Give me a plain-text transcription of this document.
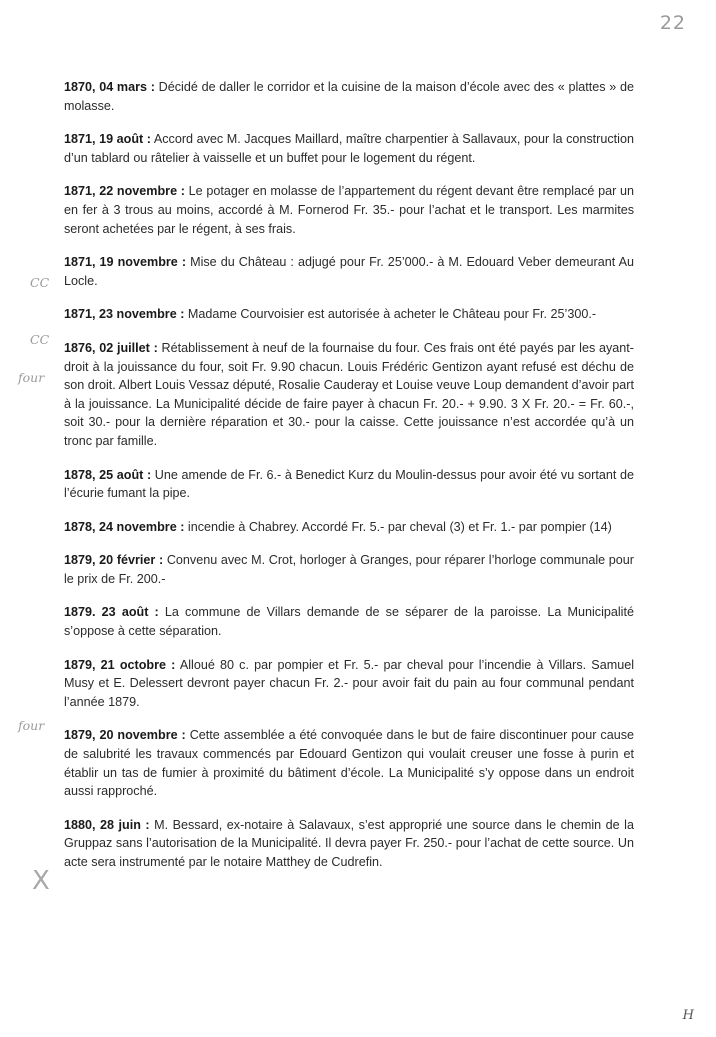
22
CC
CC
four
four
X

1870, 04 mars : Décidé de daller le corridor et la cuisine de la maison d’école avec des « plattes » de molasse.

1871, 19 août : Accord avec M. Jacques Maillard, maître charpentier à Sallavaux, pour la construction d’un tablard ou râtelier à vaisselle et un buffet pour le logement du régent.

1871, 22 novembre : Le potager en molasse de l’appartement du régent devant être remplacé par un en fer à 3 trous au moins, accordé à M. Fornerod Fr. 35.- pour l’achat et le transport. Les marmites seront achetées par le régent, à ses frais.

1871, 19 novembre : Mise du Château : adjugé pour Fr. 25’000.- à M. Edouard Veber demeurant Au Locle.

1871, 23 novembre : Madame Courvoisier est autorisée à acheter le Château pour Fr. 25’300.-

1876, 02 juillet : Rétablissement à neuf de la fournaise du four. Ces frais ont été payés par les ayant-droit à la jouissance du four, soit Fr. 9.90 chacun. Louis Frédéric Gentizon ayant refusé est déchu de son droit. Albert Louis Vessaz député, Rosalie Cauderay et Louise veuve Loup demandent d’avoir part à la jouissance. La Municipalité décide de faire payer à chacun Fr. 20.- + 9.90. 3 X Fr. 20.- = Fr. 60.-, soit 30.- pour la dernière réparation et 30.- pour la caisse. Cette jouissance n’est accordée qu’à un tronc par famille.

1878, 25 août : Une amende de Fr. 6.- à Benedict Kurz du Moulin-dessus pour avoir été vu sortant de l’écurie fumant la pipe.

1878, 24 novembre : incendie à Chabrey. Accordé Fr. 5.- par cheval (3) et Fr. 1.- par pompier (14)

1879, 20 février : Convenu avec M. Crot, horloger à Granges, pour réparer l’horloge communale pour le prix de Fr. 200.-

1879. 23 août : La commune de Villars demande de se séparer de la paroisse. La Municipalité s’oppose à cette séparation.

1879, 21 octobre : Alloué 80 c. par pompier et Fr. 5.- par cheval pour l’incendie à Villars. Samuel Musy et E. Delessert devront payer chacun Fr. 2.- pour avoir fait du pain au four communal pendant l’année 1879.

1879, 20 novembre : Cette assemblée a été convoquée dans le but de faire discontinuer pour cause de salubrité les travaux commencés par Edouard Gentizon qui voulait creuser une fosse à purin et établir un tas de fumier à proximité du bâtiment d’école. La Municipalité s’y oppose dans un endroit aussi rapproché.

1880, 28 juin : M. Bessard, ex-notaire à Salavaux, s’est approprié une source dans le chemin de la Gruppaz sans l’autorisation de la Municipalité. Il devra payer Fr. 250.- pour l’achat de cette source. Un acte sera instrumenté par le notaire Matthey de Cudrefin.

H
